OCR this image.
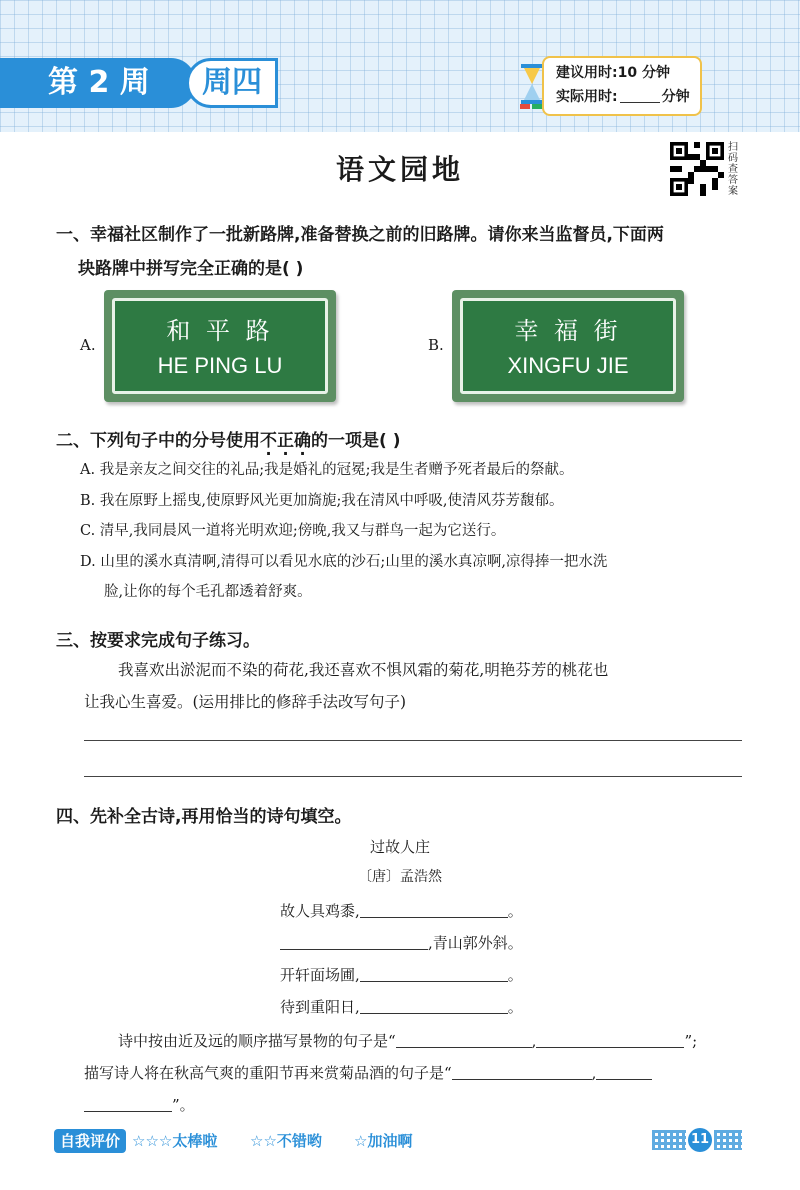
第 2 周	周四	建议用时:10 分钟
实际用时:	分钟
语文园地
扫码查答案
一、幸福社区制作了一批新路牌,准备替换之前的旧路牌。请你来当监督员,下面两
块路牌中拼写完全正确的是( )
A.	和 平 路
HE PING LU
B.	幸 福 街
XINGFU JIE
二、下列句子中的分号使用不正确的一项是( )
A. 我是亲友之间交往的礼品;我是婚礼的冠冕;我是生者赠予死者最后的祭献。
B. 我在原野上摇曳,使原野风光更加旖旎;我在清风中呼吸,使清风芬芳馥郁。
C. 清早,我同晨风一道将光明欢迎;傍晚,我又与群鸟一起为它送行。
D. 山里的溪水真清啊,清得可以看见水底的沙石;山里的溪水真凉啊,凉得捧一把水洗
脸,让你的每个毛孔都透着舒爽。
三、按要求完成句子练习。
我喜欢出淤泥而不染的荷花,我还喜欢不惧风霜的菊花,明艳芬芳的桃花也
让我心生喜爱。(运用排比的修辞手法改写句子)
四、先补全古诗,再用恰当的诗句填空。
过故人庄
〔唐〕孟浩然
故人具鸡黍,	。
,青山郭外斜。
开轩面场圃,	。
待到重阳日,	。
诗中按由近及远的顺序描写景物的句子是“	,	”;
描写诗人将在秋高气爽的重阳节再来赏菊品酒的句子是“	,
”。
自我评价 ☆☆☆太棒啦 ☆☆不错哟 ☆加油啊	11
